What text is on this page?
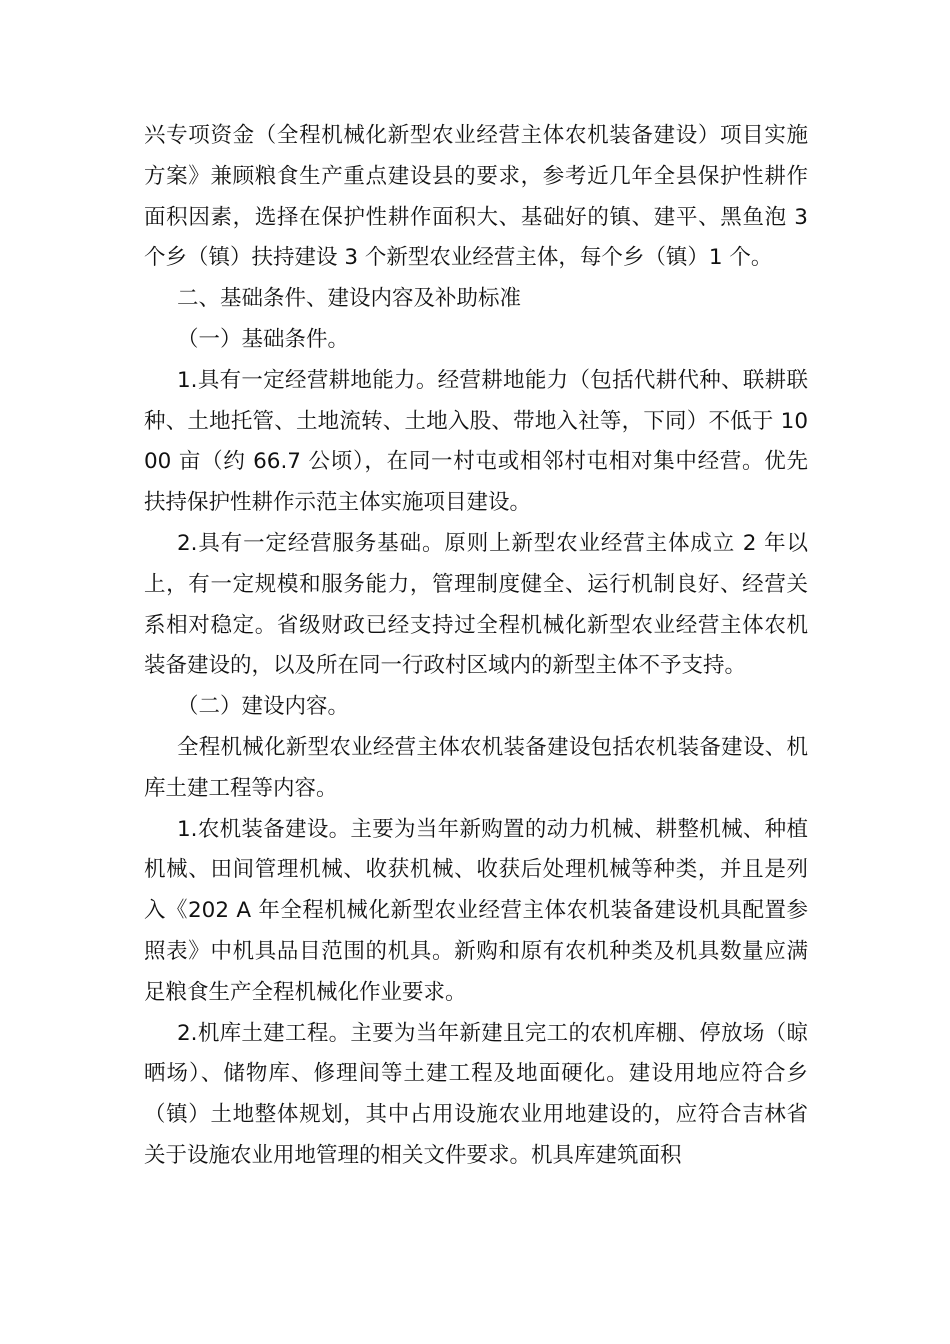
兴专项资金（全程机械化新型农业经营主体农机装备建设）项目实施方案》兼顾粮食生产重点建设县的要求，参考近几年全县保护性耕作面积因素，选择在保护性耕作面积大、基础好的镇、建平、黑鱼泡 3 个乡（镇）扶持建设 3 个新型农业经营主体，每个乡（镇）1 个。

二、基础条件、建设内容及补助标准

（一）基础条件。

1.具有一定经营耕地能力。经营耕地能力（包括代耕代种、联耕联种、土地托管、土地流转、土地入股、带地入社等，下同）不低于 1000 亩（约 66.7 公顷），在同一村屯或相邻村屯相对集中经营。优先扶持保护性耕作示范主体实施项目建设。

2.具有一定经营服务基础。原则上新型农业经营主体成立 2 年以上，有一定规模和服务能力，管理制度健全、运行机制良好、经营关系相对稳定。省级财政已经支持过全程机械化新型农业经营主体农机装备建设的，以及所在同一行政村区域内的新型主体不予支持。

（二）建设内容。

全程机械化新型农业经营主体农机装备建设包括农机装备建设、机库土建工程等内容。

1.农机装备建设。主要为当年新购置的动力机械、耕整机械、种植机械、田间管理机械、收获机械、收获后处理机械等种类，并且是列入《202 A 年全程机械化新型农业经营主体农机装备建设机具配置参照表》中机具品目范围的机具。新购和原有农机种类及机具数量应满足粮食生产全程机械化作业要求。

2.机库土建工程。主要为当年新建且完工的农机库棚、停放场（晾晒场）、储物库、修理间等土建工程及地面硬化。建设用地应符合乡（镇）土地整体规划，其中占用设施农业用地建设的，应符合吉林省关于设施农业用地管理的相关文件要求。机具库建筑面积
